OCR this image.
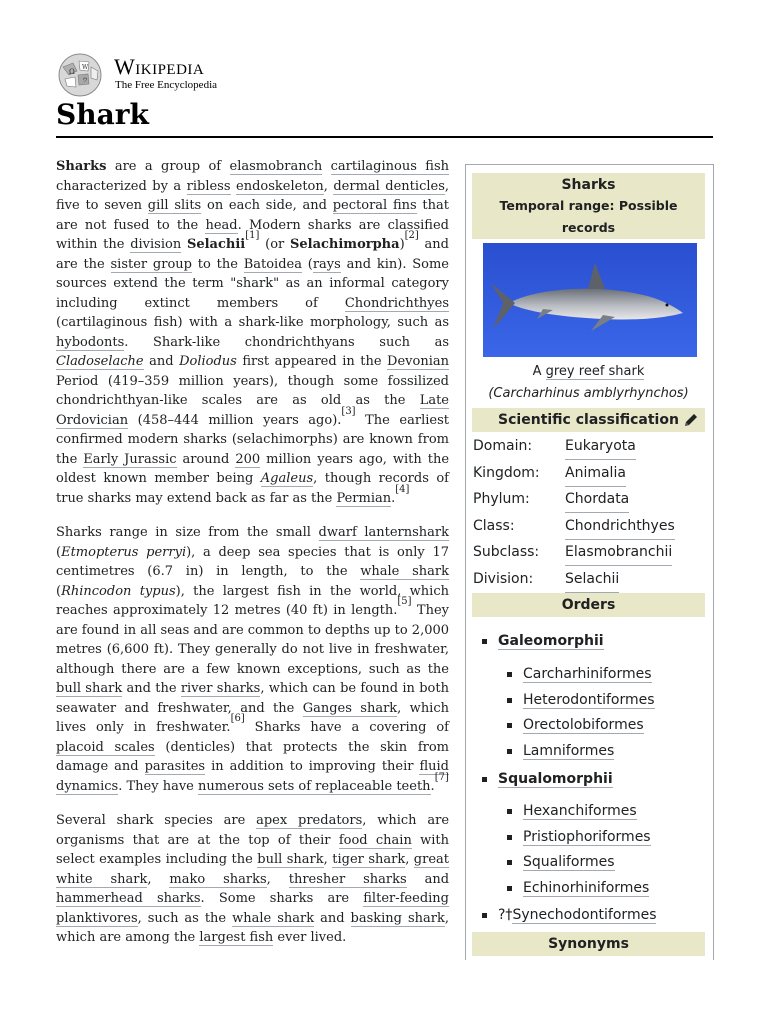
Ω
W
ウ
Wikipedia
The Free Encyclopedia
Shark

Sharks are a group of elasmobranch cartilaginous fish characterized by a ribless endoskeleton, dermal denticles, five to seven gill slits on each side, and pectoral fins that are not fused to the head. Modern sharks are classified within the division Selachii[1] (or Selachimorpha)[2] and are the sister group to the Batoidea (rays and kin). Some sources extend the term "shark" as an informal category including extinct members of Chondrichthyes (cartilaginous fish) with a shark-like morphology, such as hybodonts. Shark-like chondrichthyans such as Cladoselache and Doliodus first appeared in the Devonian Period (419–359 million years), though some fossilized chondrichthyan-like scales are as old as the Late Ordovician (458–444 million years ago).[3] The earliest confirmed modern sharks (selachimorphs) are known from the Early Jurassic around 200 million years ago, with the oldest known member being Agaleus, though records of true sharks may extend back as far as the Permian.[4]

Sharks range in size from the small dwarf lanternshark (Etmopterus perryi), a deep sea species that is only 17 centimetres (6.7 in) in length, to the whale shark (Rhincodon typus), the largest fish in the world, which reaches approximately 12 metres (40 ft) in length.[5] They are found in all seas and are common to depths up to 2,000 metres (6,600 ft). They generally do not live in freshwater, although there are a few known exceptions, such as the bull shark and the river sharks, which can be found in both seawater and freshwater, and the Ganges shark, which lives only in freshwater.[6] Sharks have a covering of placoid scales (denticles) that protects the skin from damage and parasites in addition to improving their fluid dynamics. They have numerous sets of replaceable teeth.[7]

Several shark species are apex predators, which are organisms that are at the top of their food chain with select examples including the bull shark, tiger shark, great white shark, mako sharks, thresher sharks and hammerhead sharks. Some sharks are filter-feeding planktivores, such as the whale shark and basking shark, which are among the largest fish ever lived.

Sharks
Temporal range: Possible records
A grey reef shark
(Carcharhinus amblyrhynchos)
Scientific classification
Domain: Eukaryota
Kingdom: Animalia
Phylum:	Chordata
Class:	Chondrichthyes
Subclass: Elasmobranchii
Division: Selachii
Orders
Galeomorphii
Carcharhiniformes
Heterodontiformes
Orectolobiformes
Lamniformes
Squalomorphii
Hexanchiformes
Pristiophoriformes
Squaliformes
Echinorhiniformes
?†Synechodontiformes
Synonyms
